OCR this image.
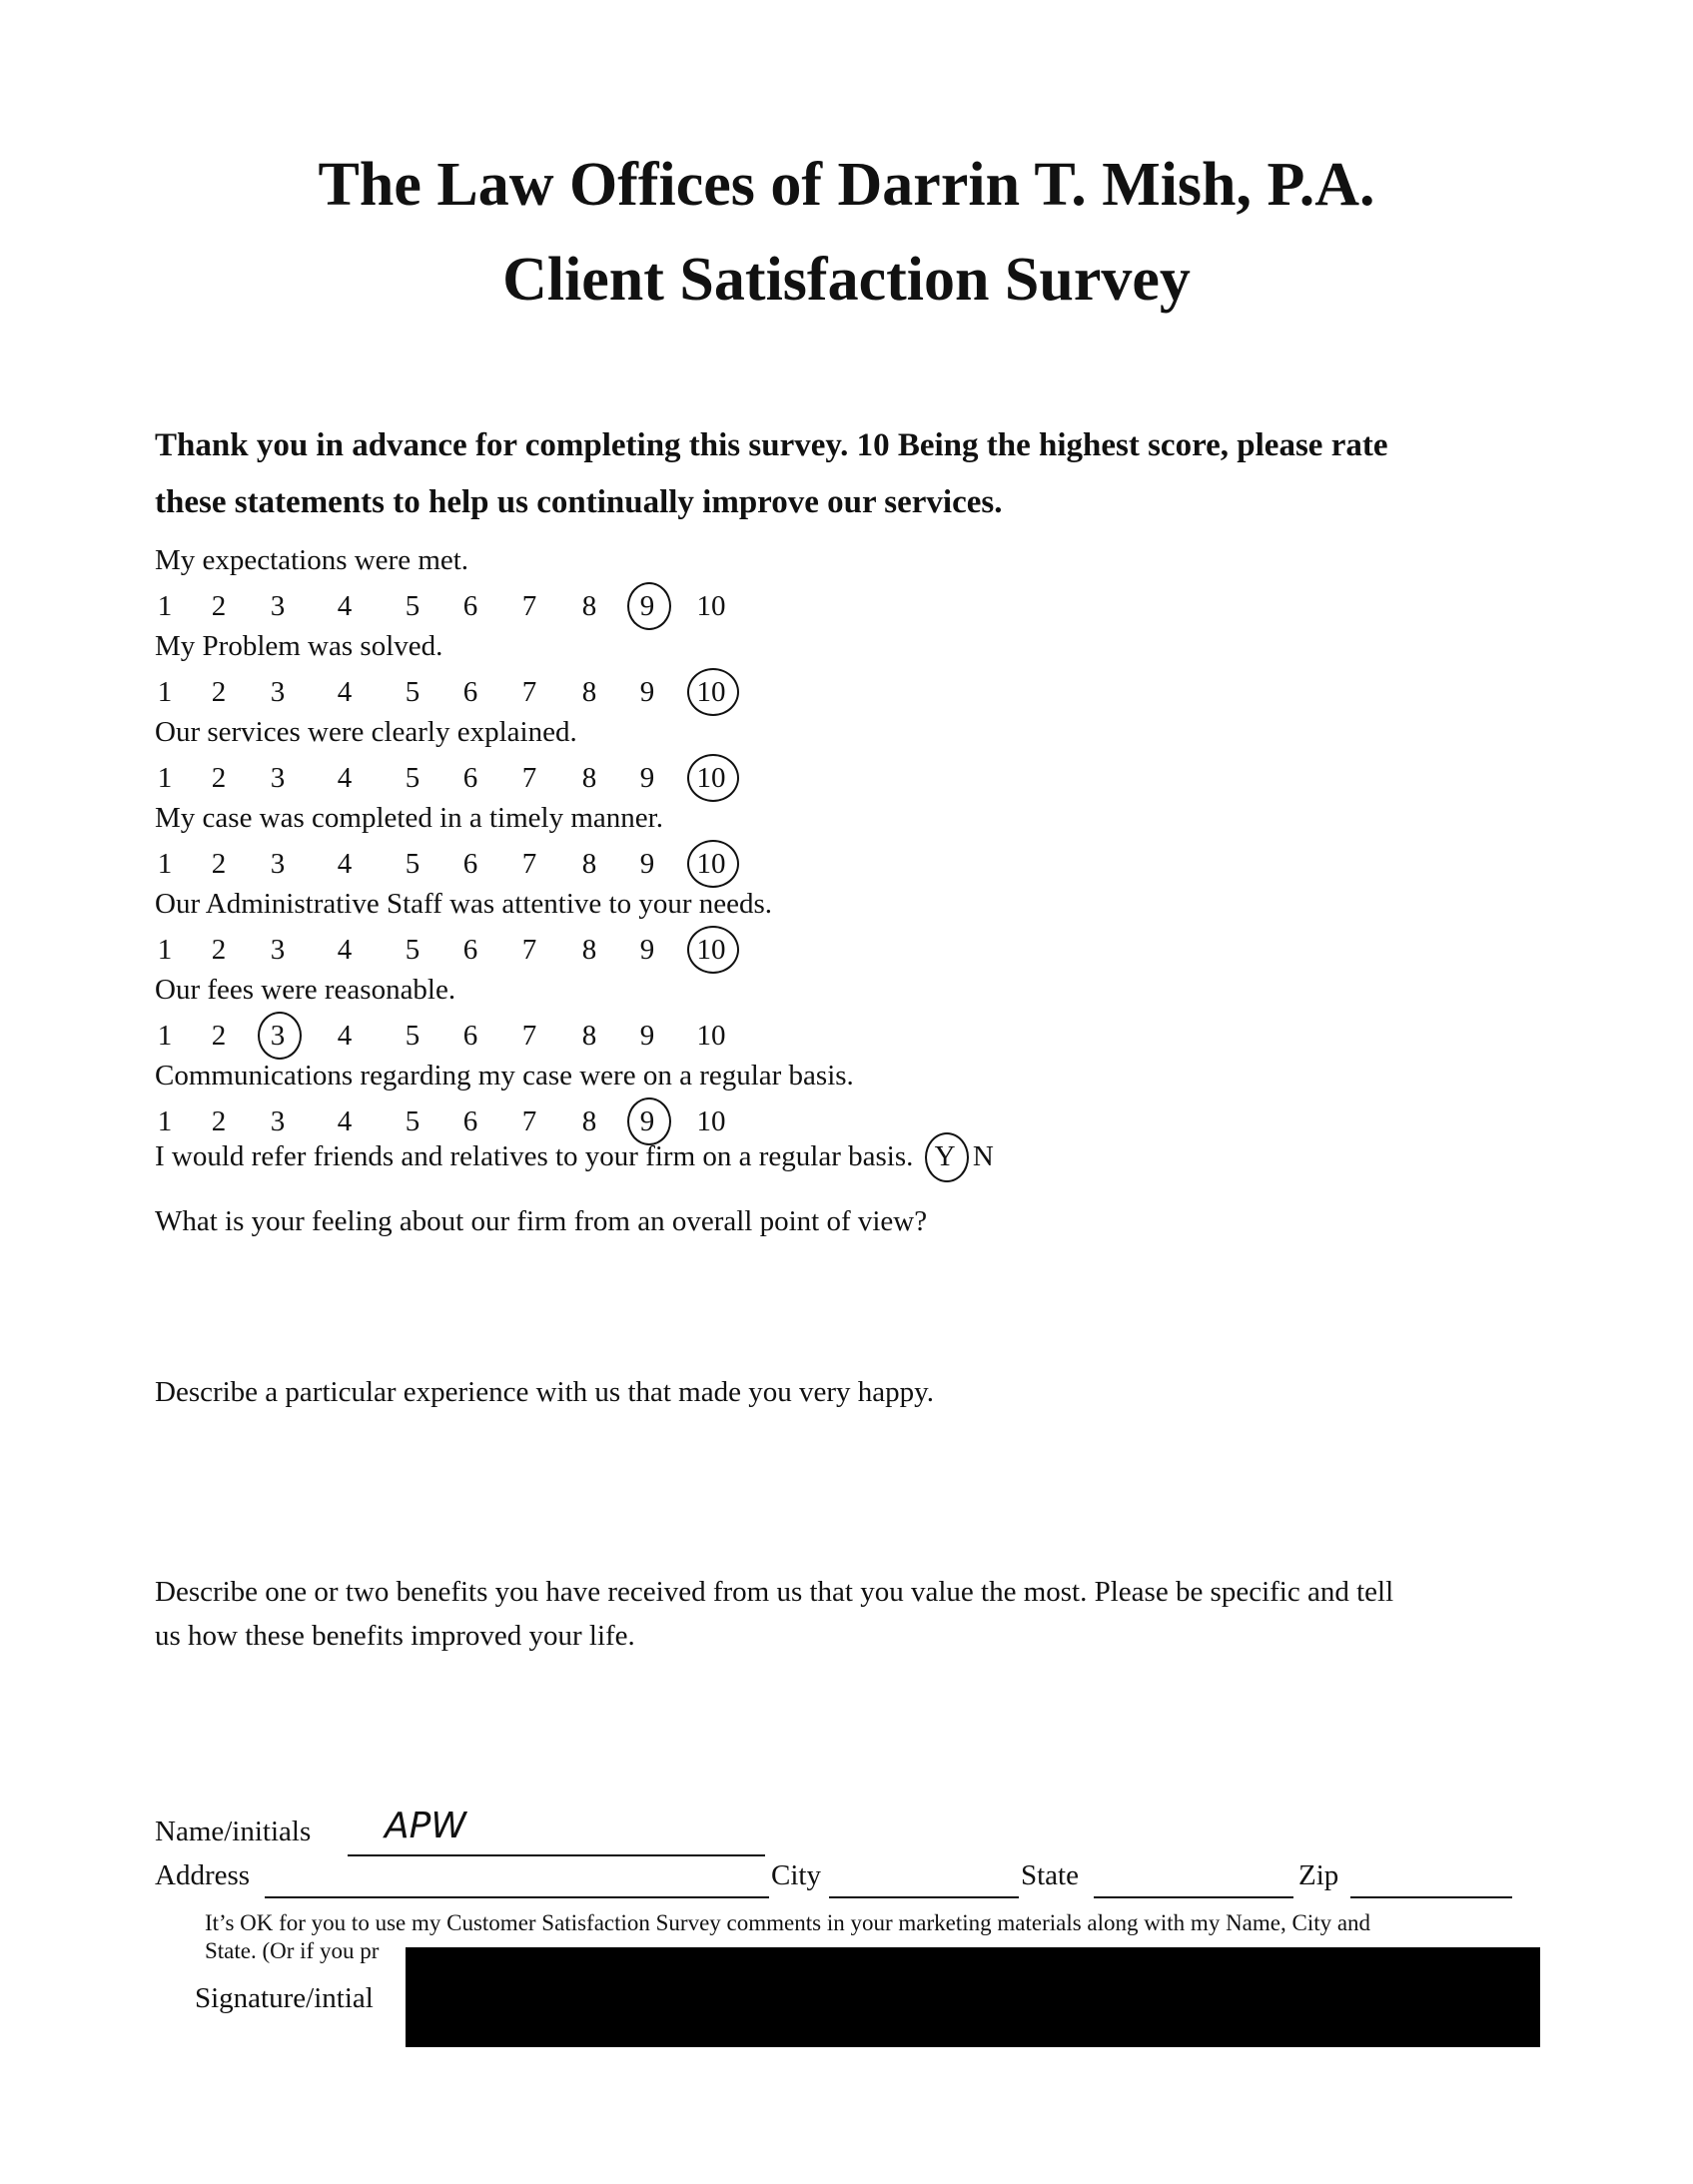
The Law Offices of Darrin T. Mish, P.A.
Client Satisfaction Survey
Thank you in advance for completing this survey. 10 Being the highest score, please rate
these statements to help us continually improve our services.
My expectations were met.
1 2 3 4 5 6 7 8 9 10
My Problem was solved.
1 2 3 4 5 6 7 8 9 10
Our services were clearly explained.
1 2 3 4 5 6 7 8 9 10
My case was completed in a timely manner.
1 2 3 4 5 6 7 8 9 10
Our Administrative Staff was attentive to your needs.
1 2 3 4 5 6 7 8 9 10
Our fees were reasonable.
1 2 3 4 5 6 7 8 9 10
Communications regarding my case were on a regular basis.
1 2 3 4 5 6 7 8 9 10
I would refer friends and relatives to your firm on a regular basis. Y N
What is your feeling about our firm from an overall point of view?
Describe a particular experience with us that made you very happy.
Describe one or two benefits you have received from us that you value the most. Please be specific and tell
us how these benefits improved your life.
Name/initials APW
Address	City	State	Zip
It’s OK for you to use my Customer Satisfaction Survey comments in your marketing materials along with my Name, City and
State. (Or if you pr
Signature/intial
